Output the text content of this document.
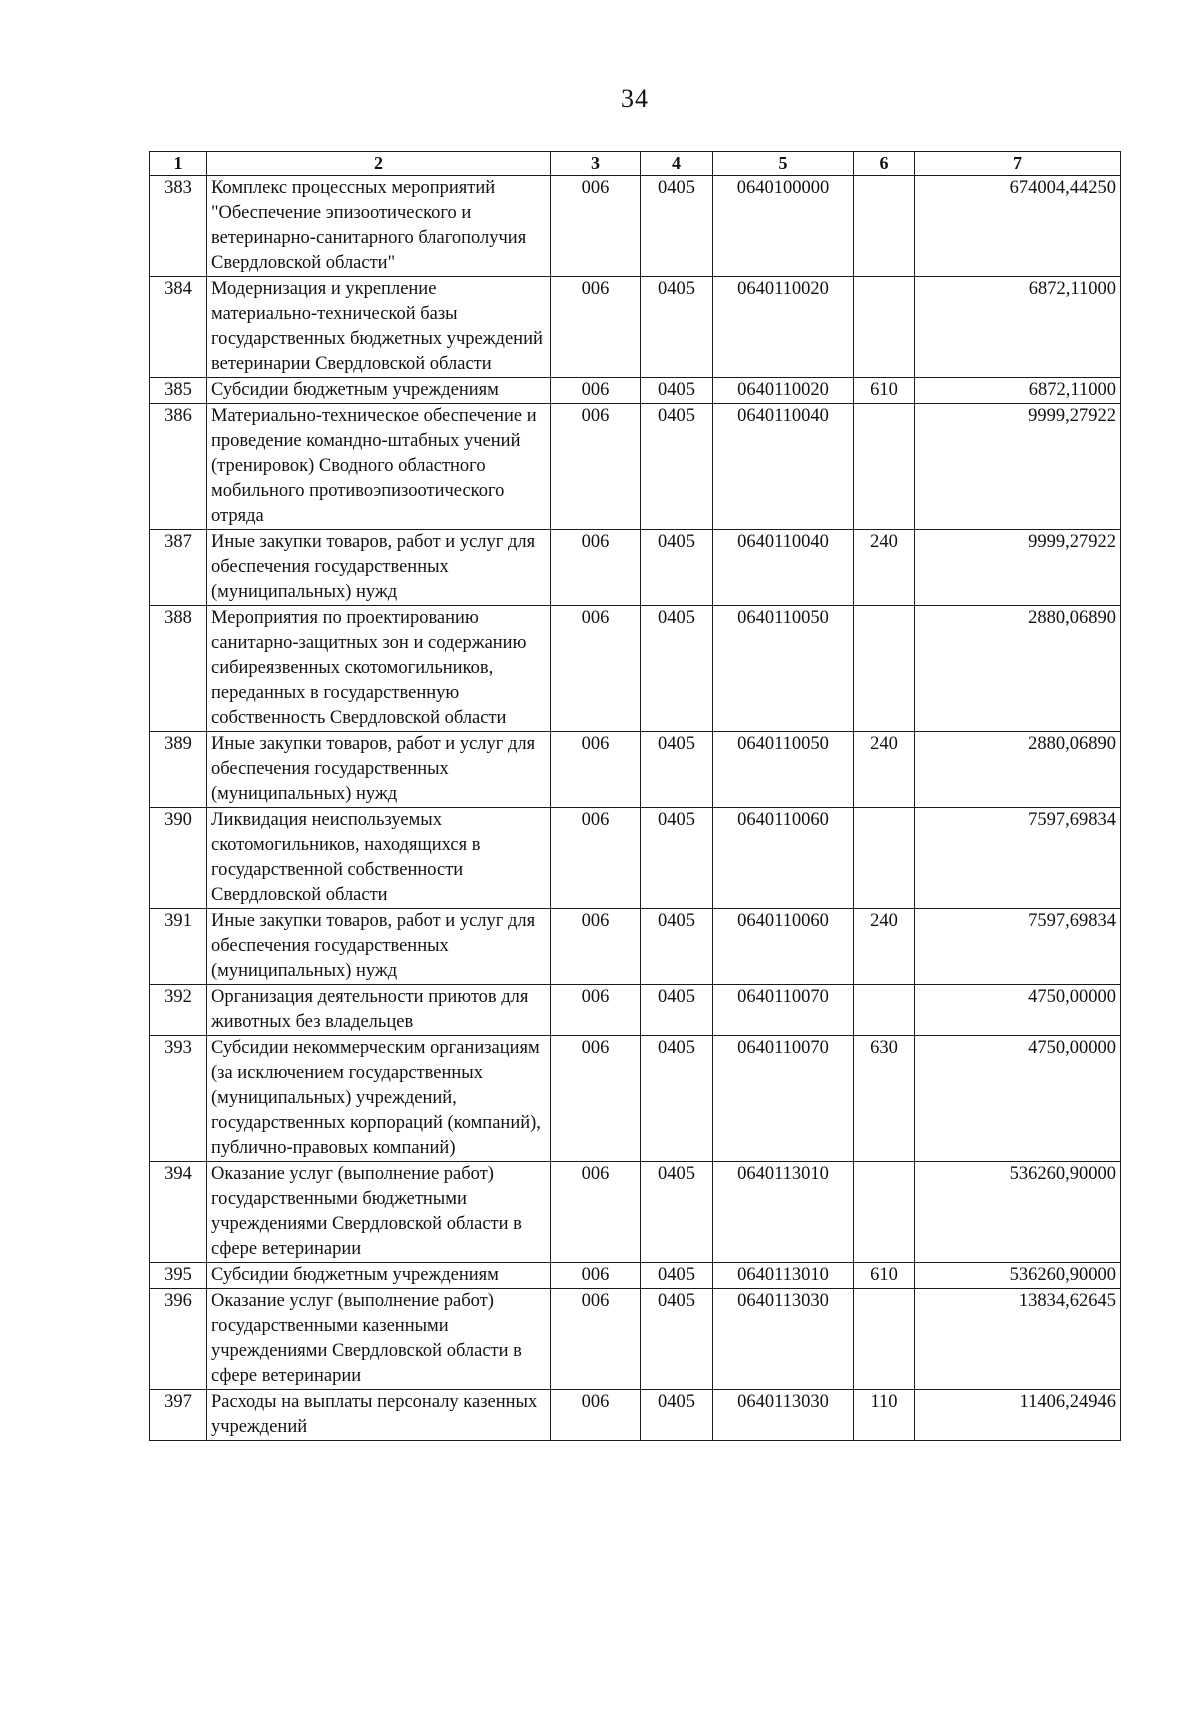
34
1	2	3	4	5	6	7
383	Комплекс процессных мероприятий "Обеспечение эпизоотического и ветеринарно-санитарного благополучия Свердловской области"	006	0405	0640100000		674004,44250
384	Модернизация и укрепление материально-технической базы государственных бюджетных учреждений ветеринарии Свердловской области	006	0405	0640110020		6872,11000
385	Субсидии бюджетным учреждениям	006	0405	0640110020	610	6872,11000
386	Материально-техническое обеспечение и проведение командно-штабных учений (тренировок) Сводного областного мобильного противоэпизоотического отряда	006	0405	0640110040		9999,27922
387	Иные закупки товаров, работ и услуг для обеспечения государственных (муниципальных) нужд	006	0405	0640110040	240	9999,27922
388	Мероприятия по проектированию санитарно-защитных зон и содержанию сибиреязвенных скотомогильников, переданных в государственную собственность Свердловской области	006	0405	0640110050		2880,06890
389	Иные закупки товаров, работ и услуг для обеспечения государственных (муниципальных) нужд	006	0405	0640110050	240	2880,06890
390	Ликвидация неиспользуемых скотомогильников, находящихся в государственной собственности Свердловской области	006	0405	0640110060		7597,69834
391	Иные закупки товаров, работ и услуг для обеспечения государственных (муниципальных) нужд	006	0405	0640110060	240	7597,69834
392	Организация деятельности приютов для животных без владельцев	006	0405	0640110070		4750,00000
393	Субсидии некоммерческим организациям (за исключением государственных (муниципальных) учреждений, государственных корпораций (компаний), публично-правовых компаний)	006	0405	0640110070	630	4750,00000
394	Оказание услуг (выполнение работ) государственными бюджетными учреждениями Свердловской области в сфере ветеринарии	006	0405	0640113010		536260,90000
395	Субсидии бюджетным учреждениям	006	0405	0640113010	610	536260,90000
396	Оказание услуг (выполнение работ) государственными казенными учреждениями Свердловской области в сфере ветеринарии	006	0405	0640113030		13834,62645
397	Расходы на выплаты персоналу казенных учреждений	006	0405	0640113030	110	11406,24946
